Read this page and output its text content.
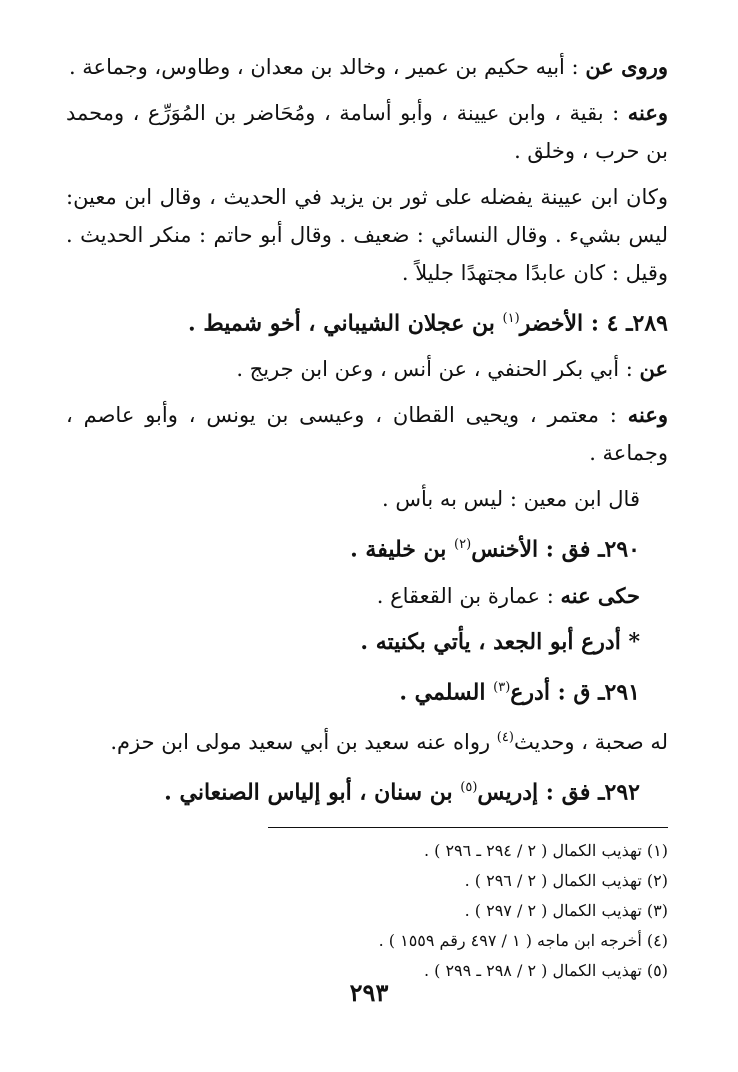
وروى عن : أبيه حكيم بن عمير ، وخالد بن معدان ، وطاوس، وجماعة .

وعنه : بقية ، وابن عيينة ، وأبو أسامة ، ومُحَاضر بن المُوَرِّع ، ومحمد بن حرب ، وخلق .

وكان ابن عيينة يفضله على ثور بن يزيد في الحديث ، وقال ابن معين: ليس بشيء . وقال النسائي : ضعيف . وقال أبو حاتم : منكر الحديث . وقيل : كان عابدًا مجتهدًا جليلاً .

٢٨٩ـ ٤ : الأخضر$^{(١)}$ بن عجلان الشيباني ، أخو شميط .

عن : أبي بكر الحنفي ، عن أنس ، وعن ابن جريج .

وعنه : معتمر ، ويحيى القطان ، وعيسى بن يونس ، وأبو عاصم ، وجماعة .

قال ابن معين : ليس به بأس .

٢٩٠ـ فق : الأخنس$^{(٢)}$ بن خليفة .

حكى عنه : عمارة بن القعقاع .

* أدرع أبو الجعد ، يأتي بكنيته .

٢٩١ـ ق : أدرع$^{(٣)}$ السلمي .

له صحبة ، وحديث$^{(٤)}$ رواه عنه سعيد بن أبي سعيد مولى ابن حزم.

٢٩٢ـ فق : إدريس$^{(٥)}$ بن سنان ، أبو إلياس الصنعاني .

(١) تهذيب الكمال ( ٢ / ٢٩٤ ـ ٢٩٦ ) .

(٢) تهذيب الكمال ( ٢ / ٢٩٦ ) .

(٣) تهذيب الكمال ( ٢ / ٢٩٧ ) .

(٤) أخرجه ابن ماجه ( ١ / ٤٩٧ رقم ١٥٥٩ ) .

(٥) تهذيب الكمال ( ٢ / ٢٩٨ ـ ٢٩٩ ) .

٢٩٣
